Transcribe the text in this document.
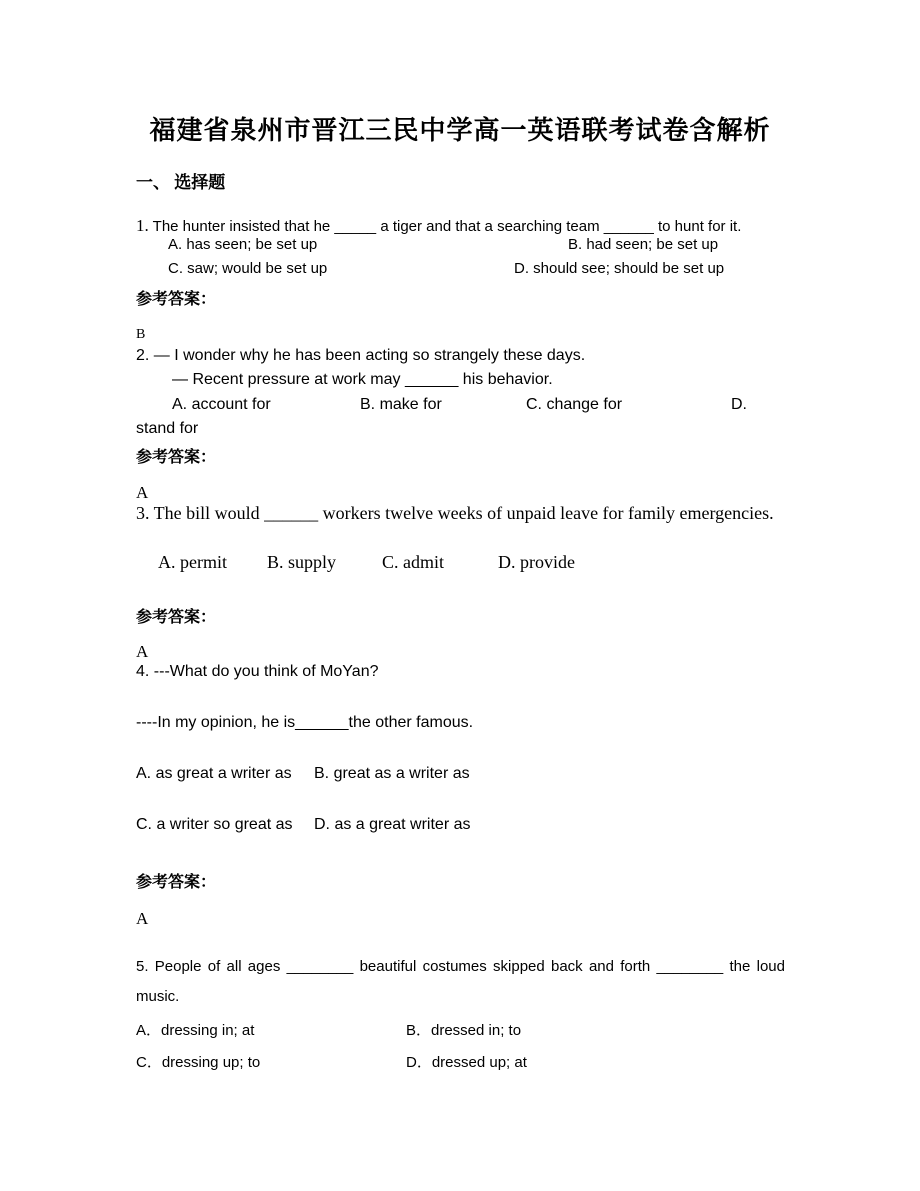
福建省泉州市晋江三民中学高一英语联考试卷含解析
一、 选择题
1. The hunter insisted that he _____ a tiger and that a searching team ______ to hunt for it.
A. has seen; be set up	B. had seen; be set up
C. saw; would be set up	D. should see; should be set up
参考答案：
B
2. — I wonder why he has been acting so strangely these days.
— Recent pressure at work may ______ his behavior.
A. account for	B. make for	C. change for	D.
stand for
参考答案：
A
3. The bill would ______ workers twelve weeks of unpaid leave for family emergencies.
A. permit B. supply	C. admit	D. provide
参考答案：
A
4. ---What do you think of MoYan?
----In my opinion, he is______the other famous.
A. as great a writer as B. great as a writer as
C. a writer so great as D. as a great writer as
参考答案：
A
5. People of all ages ________ beautiful costumes skipped back and forth ________ the loud
music.
A．dressing in; at	B．dressed in; to
C．dressing up; to	D．dressed up; at
